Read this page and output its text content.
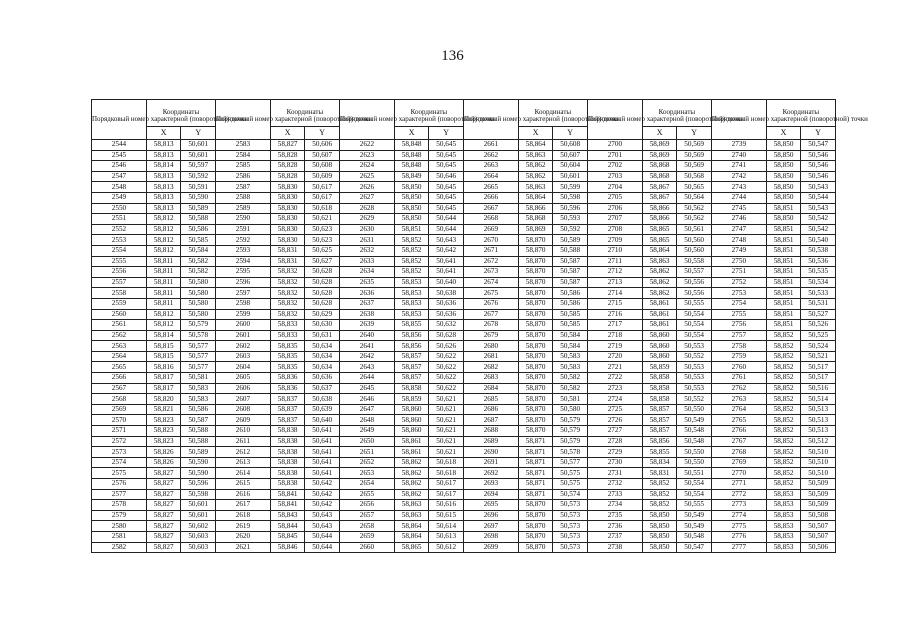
136
Порядковый номер характерной (поворотной) точки	Координаты		Порядковый номер характерной (поворотной) точки	Координаты		Порядковый номер характерной (поворотной) точки	Координаты		Порядковый номер характерной (поворотной) точки	Координаты		Порядковый номер характерной (поворотной) точки	Координаты		Порядковый номер характерной (поворотной) точки	Координаты	
	X	Y		X	Y		X	Y		X	Y		X	Y		X	Y
2544	58,813	50,601	2583	58,827	50,606	2622	58,848	50,645	2661	58,864	50,608	2700	58,869	50,569	2739	58,850	50,547
2545	58,813	50,601	2584	58,828	50,607	2623	58,848	50,645	2662	58,863	50,607	2701	58,869	50,569	2740	58,850	50,546
2546	58,814	50,597	2585	58,828	50,608	2624	58,848	50,645	2663	58,862	50,604	2702	58,868	50,569	2741	58,850	50,546
2547	58,813	50,592	2586	58,828	50,609	2625	58,849	50,646	2664	58,862	50,601	2703	58,868	50,568	2742	58,850	50,546
2548	58,813	50,591	2587	58,830	50,617	2626	58,850	50,645	2665	58,863	50,599	2704	58,867	50,565	2743	58,850	50,543
2549	58,813	50,590	2588	58,830	50,617	2627	58,850	50,645	2666	58,864	50,598	2705	58,867	50,564	2744	58,850	50,544
2550	58,813	50,589	2589	58,830	50,618	2628	58,850	50,645	2667	58,866	50,596	2706	58,866	50,562	2745	58,851	50,543
2551	58,812	50,588	2590	58,830	50,621	2629	58,850	50,644	2668	58,868	50,593	2707	58,866	50,562	2746	58,850	50,542
2552	58,812	50,586	2591	58,830	50,623	2630	58,851	50,644	2669	58,869	50,592	2708	58,865	50,561	2747	58,851	50,542
2553	58,812	50,585	2592	58,830	50,623	2631	58,852	50,643	2670	58,870	50,589	2709	58,865	50,560	2748	58,851	50,540
2554	58,812	50,584	2593	58,831	50,625	2632	58,852	50,642	2671	58,870	50,588	2710	58,864	50,560	2749	58,851	50,538
2555	58,811	50,582	2594	58,831	50,627	2633	58,852	50,641	2672	58,870	50,587	2711	58,863	50,558	2750	58,851	50,536
2556	58,811	50,582	2595	58,832	50,628	2634	58,852	50,641	2673	58,870	50,587	2712	58,862	50,557	2751	58,851	50,535
2557	58,811	50,580	2596	58,832	50,628	2635	58,853	50,640	2674	58,870	50,587	2713	58,862	50,556	2752	58,851	50,534
2558	58,811	50,580	2597	58,832	50,628	2636	58,853	50,638	2675	58,870	50,586	2714	58,862	50,556	2753	58,851	50,533
2559	58,811	50,580	2598	58,832	50,628	2637	58,853	50,636	2676	58,870	50,586	2715	58,861	50,555	2754	58,851	50,531
2560	58,812	50,580	2599	58,832	50,629	2638	58,853	50,636	2677	58,870	50,585	2716	58,861	50,554	2755	58,851	50,527
2561	58,812	50,579	2600	58,833	50,630	2639	58,855	50,632	2678	58,870	50,585	2717	58,861	50,554	2756	58,851	50,526
2562	58,814	50,578	2601	58,833	50,631	2640	58,856	50,628	2679	58,870	50,584	2718	58,860	50,554	2757	58,852	50,525
2563	58,815	50,577	2602	58,835	50,634	2641	58,856	50,626	2680	58,870	50,584	2719	58,860	50,553	2758	58,852	50,524
2564	58,815	50,577	2603	58,835	50,634	2642	58,857	50,622	2681	58,870	50,583	2720	58,860	50,552	2759	58,852	50,521
2565	58,816	50,577	2604	58,835	50,634	2643	58,857	50,622	2682	58,870	50,583	2721	58,859	50,553	2760	58,852	50,517
2566	58,817	50,581	2605	58,836	50,636	2644	58,857	50,622	2683	58,870	50,582	2722	58,858	50,553	2761	58,852	50,517
2567	58,817	50,583	2606	58,836	50,637	2645	58,858	50,622	2684	58,870	50,582	2723	58,858	50,553	2762	58,852	50,516
2568	58,820	50,583	2607	58,837	50,638	2646	58,859	50,621	2685	58,870	50,581	2724	58,858	50,552	2763	58,852	50,514
2569	58,821	50,586	2608	58,837	50,639	2647	58,860	50,621	2686	58,870	50,580	2725	58,857	50,550	2764	58,852	50,513
2570	58,823	50,587	2609	58,837	50,640	2648	58,860	50,621	2687	58,870	50,579	2726	58,857	50,549	2765	58,852	50,513
2571	58,823	50,588	2610	58,838	50,641	2649	58,860	50,621	2688	58,870	50,579	2727	58,857	50,548	2766	58,852	50,513
2572	58,823	50,588	2611	58,838	50,641	2650	58,861	50,621	2689	58,871	50,579	2728	58,856	50,548	2767	58,852	50,512
2573	58,826	50,589	2612	58,838	50,641	2651	58,861	50,621	2690	58,871	50,578	2729	58,855	50,550	2768	58,852	50,510
2574	58,826	50,590	2613	58,838	50,641	2652	58,862	50,618	2691	58,871	50,577	2730	58,834	50,550	2769	58,852	50,510
2575	58,827	50,590	2614	58,838	50,641	2653	58,862	50,618	2692	58,871	50,575	2731	58,831	50,551	2770	58,852	50,510
2576	58,827	50,596	2615	58,838	50,642	2654	58,862	50,617	2693	58,871	50,575	2732	58,852	50,554	2771	58,852	50,509
2577	58,827	50,598	2616	58,841	50,642	2655	58,862	50,617	2694	58,871	50,574	2733	58,852	50,554	2772	58,853	50,509
2578	58,827	50,601	2617	58,841	50,642	2656	58,863	50,616	2695	58,870	50,573	2734	58,852	50,555	2773	58,853	50,509
2579	58,827	50,601	2618	58,843	50,643	2657	58,863	50,615	2696	58,870	50,573	2735	58,850	50,549	2774	58,853	50,508
2580	58,827	50,602	2619	58,844	50,643	2658	58,864	50,614	2697	58,870	50,573	2736	58,850	50,549	2775	58,853	50,507
2581	58,827	50,603	2620	58,845	50,644	2659	58,864	50,613	2698	58,870	50,573	2737	58,850	50,548	2776	58,853	50,507
2582	58,827	50,603	2621	58,846	50,644	2660	58,865	50,612	2699	58,870	50,573	2738	58,850	50,547	2777	58,853	50,506
